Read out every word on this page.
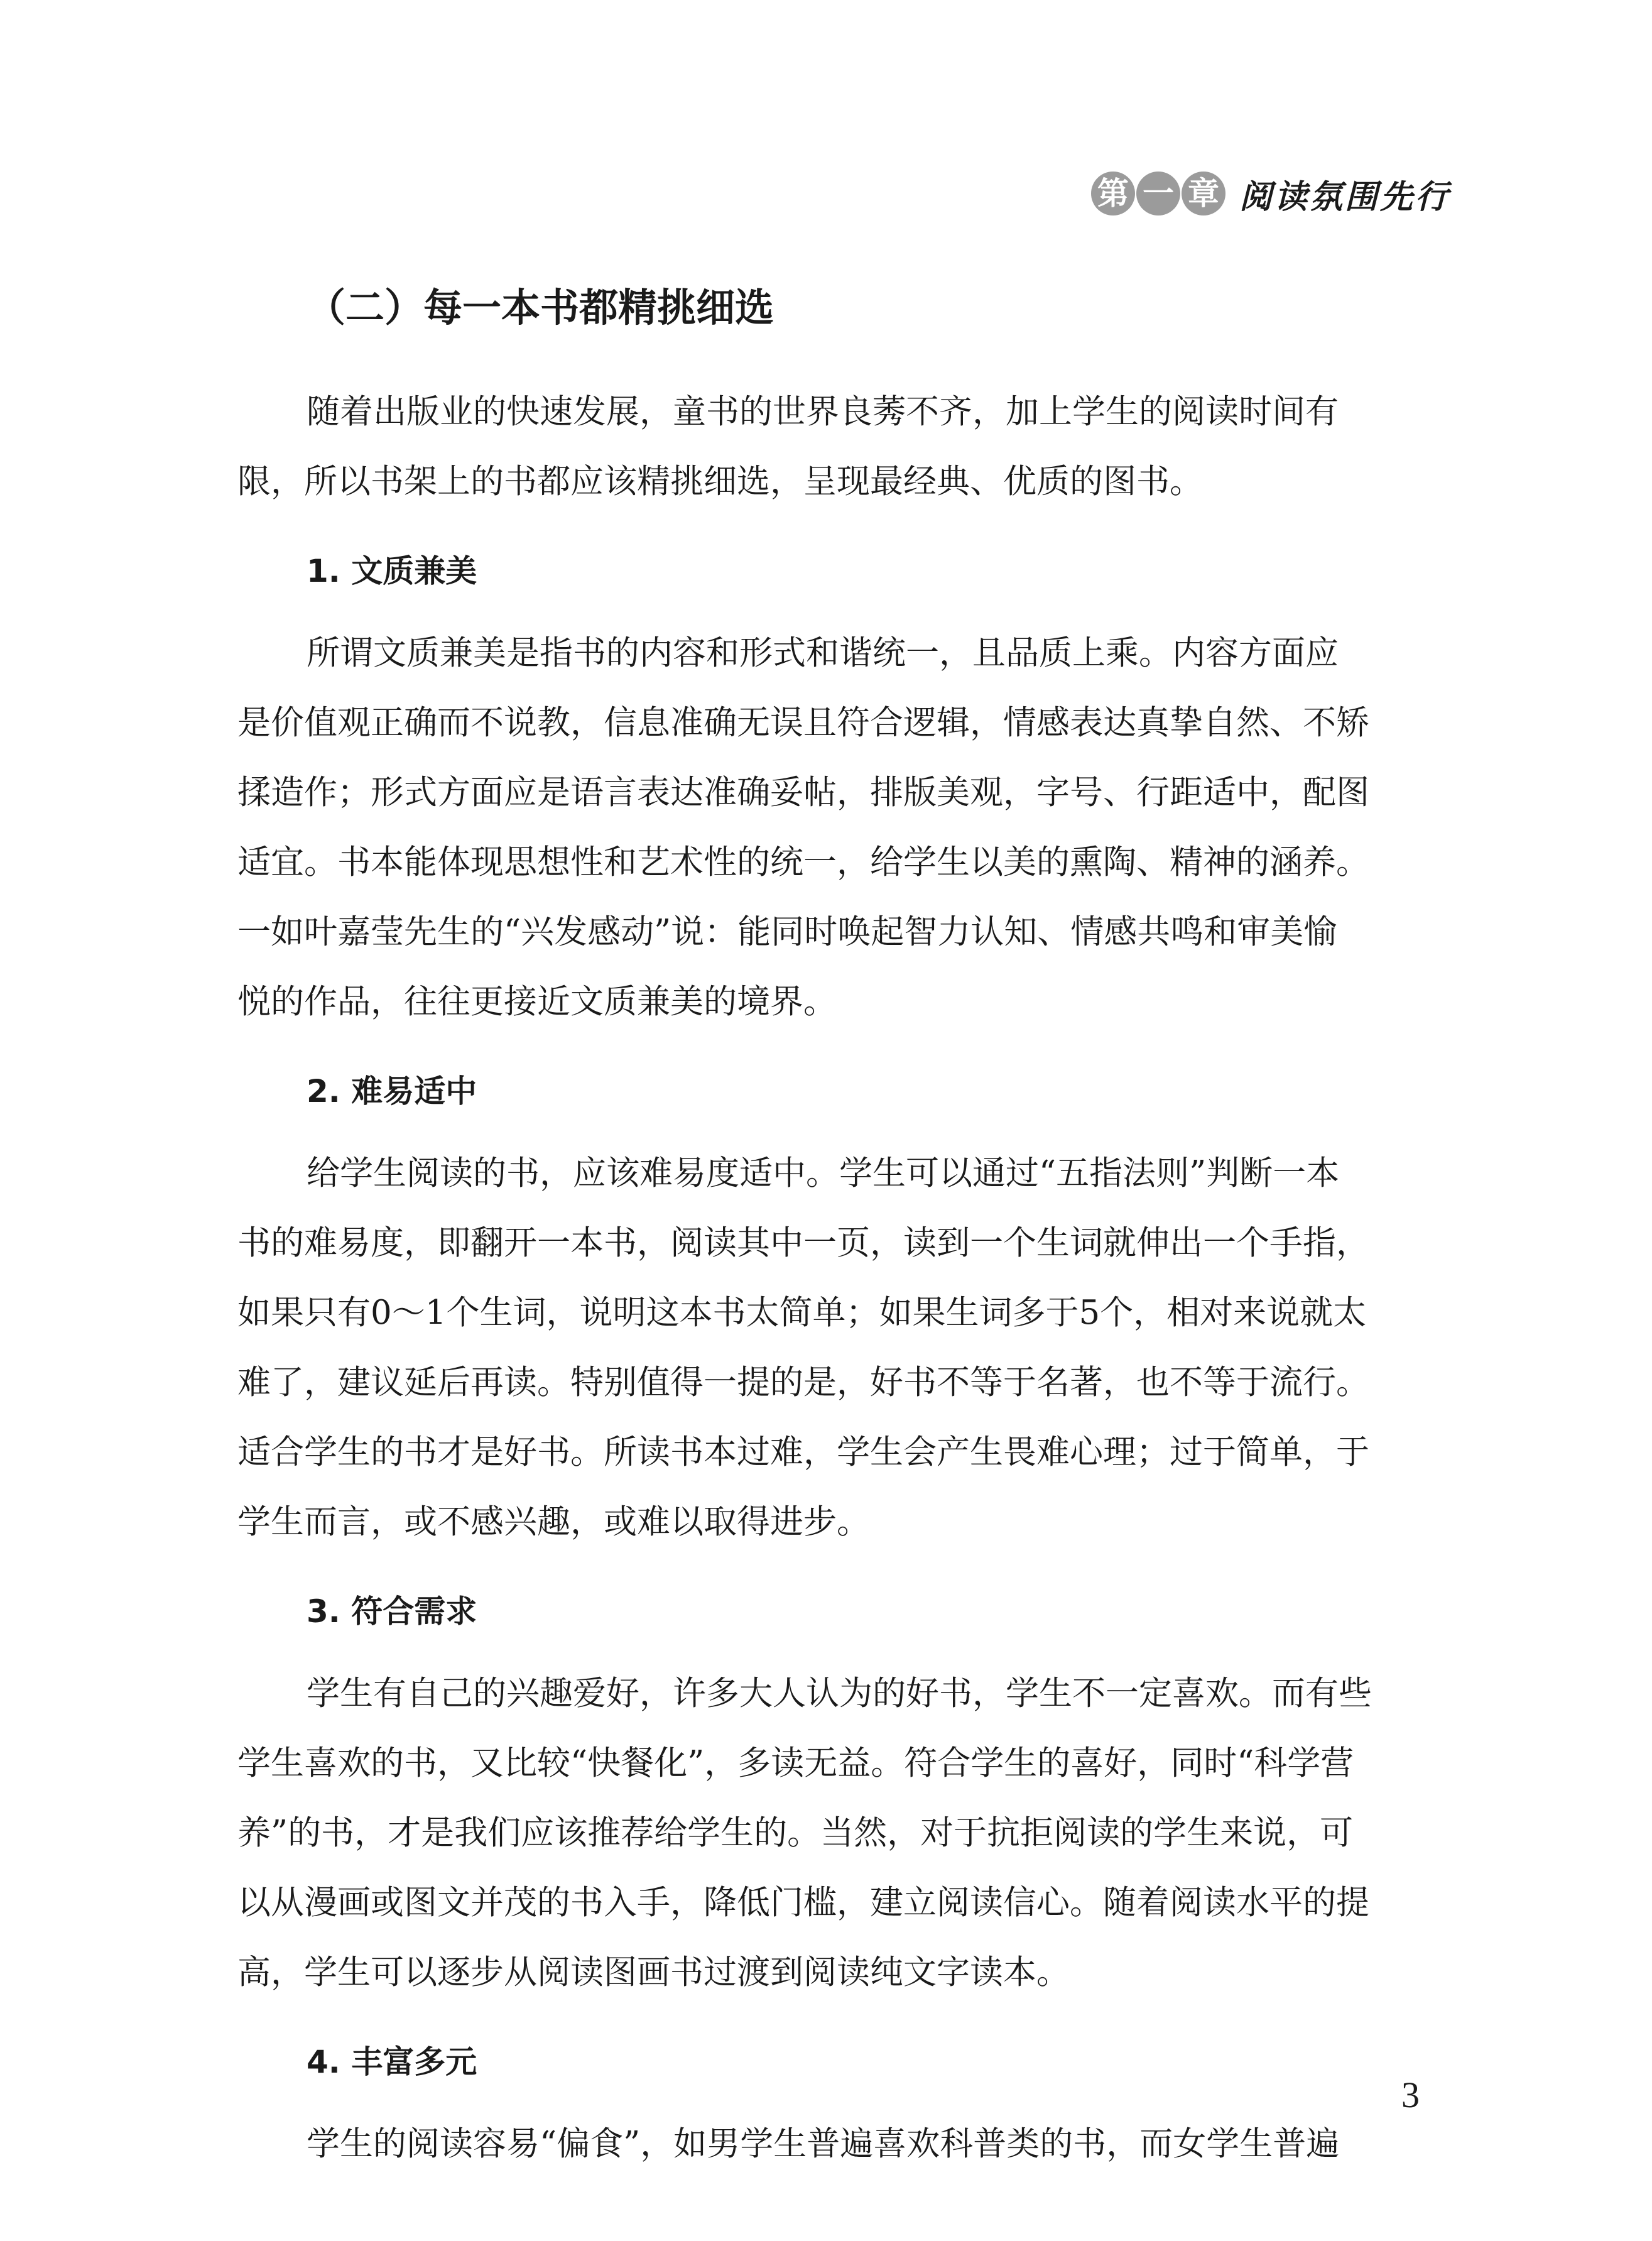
第 一 章 阅读氛围先行
（二）每一本书都精挑细选
随着出版业的快速发展，童书的世界良莠不齐，加上学生的阅读时间有
限，所以书架上的书都应该精挑细选，呈现最经典、优质的图书。
1. 文质兼美
所谓文质兼美是指书的内容和形式和谐统一，且品质上乘。内容方面应
是价值观正确而不说教，信息准确无误且符合逻辑，情感表达真挚自然、不矫
揉造作；形式方面应是语言表达准确妥帖，排版美观，字号、行距适中，配图
适宜。书本能体现思想性和艺术性的统一，给学生以美的熏陶、精神的涵养。
一如叶嘉莹先生的“兴发感动”说：能同时唤起智力认知、情感共鸣和审美愉
悦的作品，往往更接近文质兼美的境界。
2. 难易适中
给学生阅读的书，应该难易度适中。学生可以通过“五指法则”判断一本
书的难易度，即翻开一本书，阅读其中一页，读到一个生词就伸出一个手指，
如果只有0～1个生词，说明这本书太简单；如果生词多于5个，相对来说就太
难了，建议延后再读。特别值得一提的是，好书不等于名著，也不等于流行。
适合学生的书才是好书。所读书本过难，学生会产生畏难心理；过于简单，于
学生而言，或不感兴趣，或难以取得进步。
3. 符合需求
学生有自己的兴趣爱好，许多大人认为的好书，学生不一定喜欢。而有些
学生喜欢的书，又比较“快餐化”，多读无益。符合学生的喜好，同时“科学营
养”的书，才是我们应该推荐给学生的。当然，对于抗拒阅读的学生来说，可
以从漫画或图文并茂的书入手，降低门槛，建立阅读信心。随着阅读水平的提
高，学生可以逐步从阅读图画书过渡到阅读纯文字读本。
4. 丰富多元
学生的阅读容易“偏食”，如男学生普遍喜欢科普类的书，而女学生普遍
3
